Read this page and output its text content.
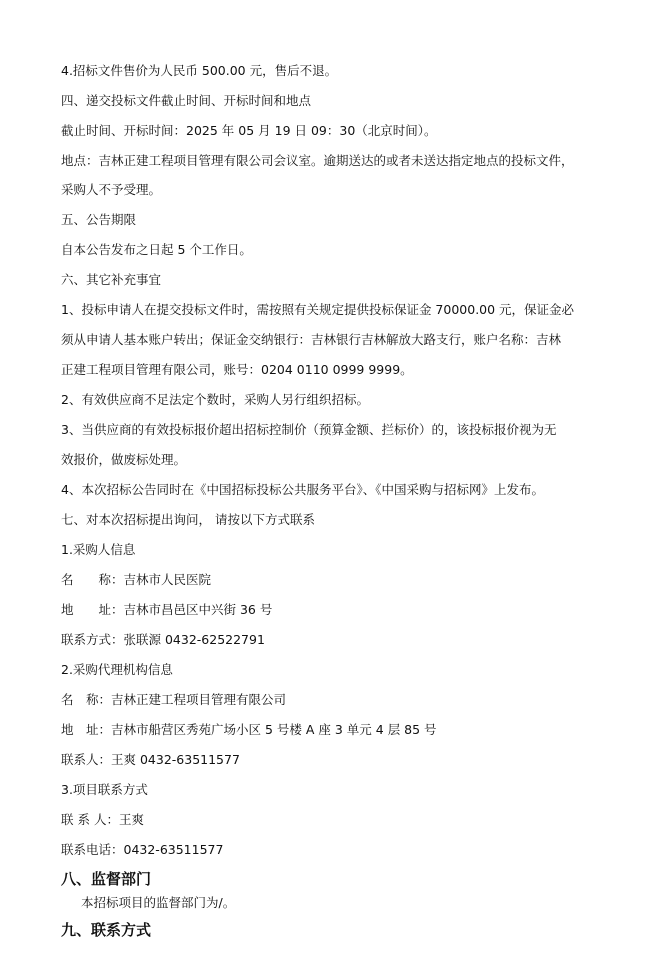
4.招标文件售价为人民币 500.00 元，售后不退。
四、递交投标文件截止时间、开标时间和地点
截止时间、开标时间：2025 年 05 月 19 日 09：30（北京时间）。
地点：吉林正建工程项目管理有限公司会议室。逾期送达的或者未送达指定地点的投标文件，
采购人不予受理。
五、公告期限
自本公告发布之日起 5 个工作日。
六、其它补充事宜
1、投标申请人在提交投标文件时，需按照有关规定提供投标保证金 70000.00 元，保证金必
须从申请人基本账户转出；保证金交纳银行：吉林银行吉林解放大路支行，账户名称：吉林
正建工程项目管理有限公司，账号：0204 0110 0999 9999。
2、有效供应商不足法定个数时，采购人另行组织招标。
3、当供应商的有效投标报价超出招标控制价（预算金额、拦标价）的，该投标报价视为无
效报价，做废标处理。
4、本次招标公告同时在《中国招标投标公共服务平台》、《中国采购与招标网》上发布。
七、对本次招标提出询问， 请按以下方式联系
1.采购人信息
名　　称：吉林市人民医院
地　　址：吉林市昌邑区中兴街 36 号
联系方式：张联源 0432-62522791
2.采购代理机构信息
名　称：吉林正建工程项目管理有限公司
地　址：吉林市船营区秀苑广场小区 5 号楼 A 座 3 单元 4 层 85 号
联系人：王爽 0432-63511577
3.项目联系方式
联 系 人：王爽
联系电话：0432-63511577
八、监督部门
本招标项目的监督部门为/。
九、联系方式
